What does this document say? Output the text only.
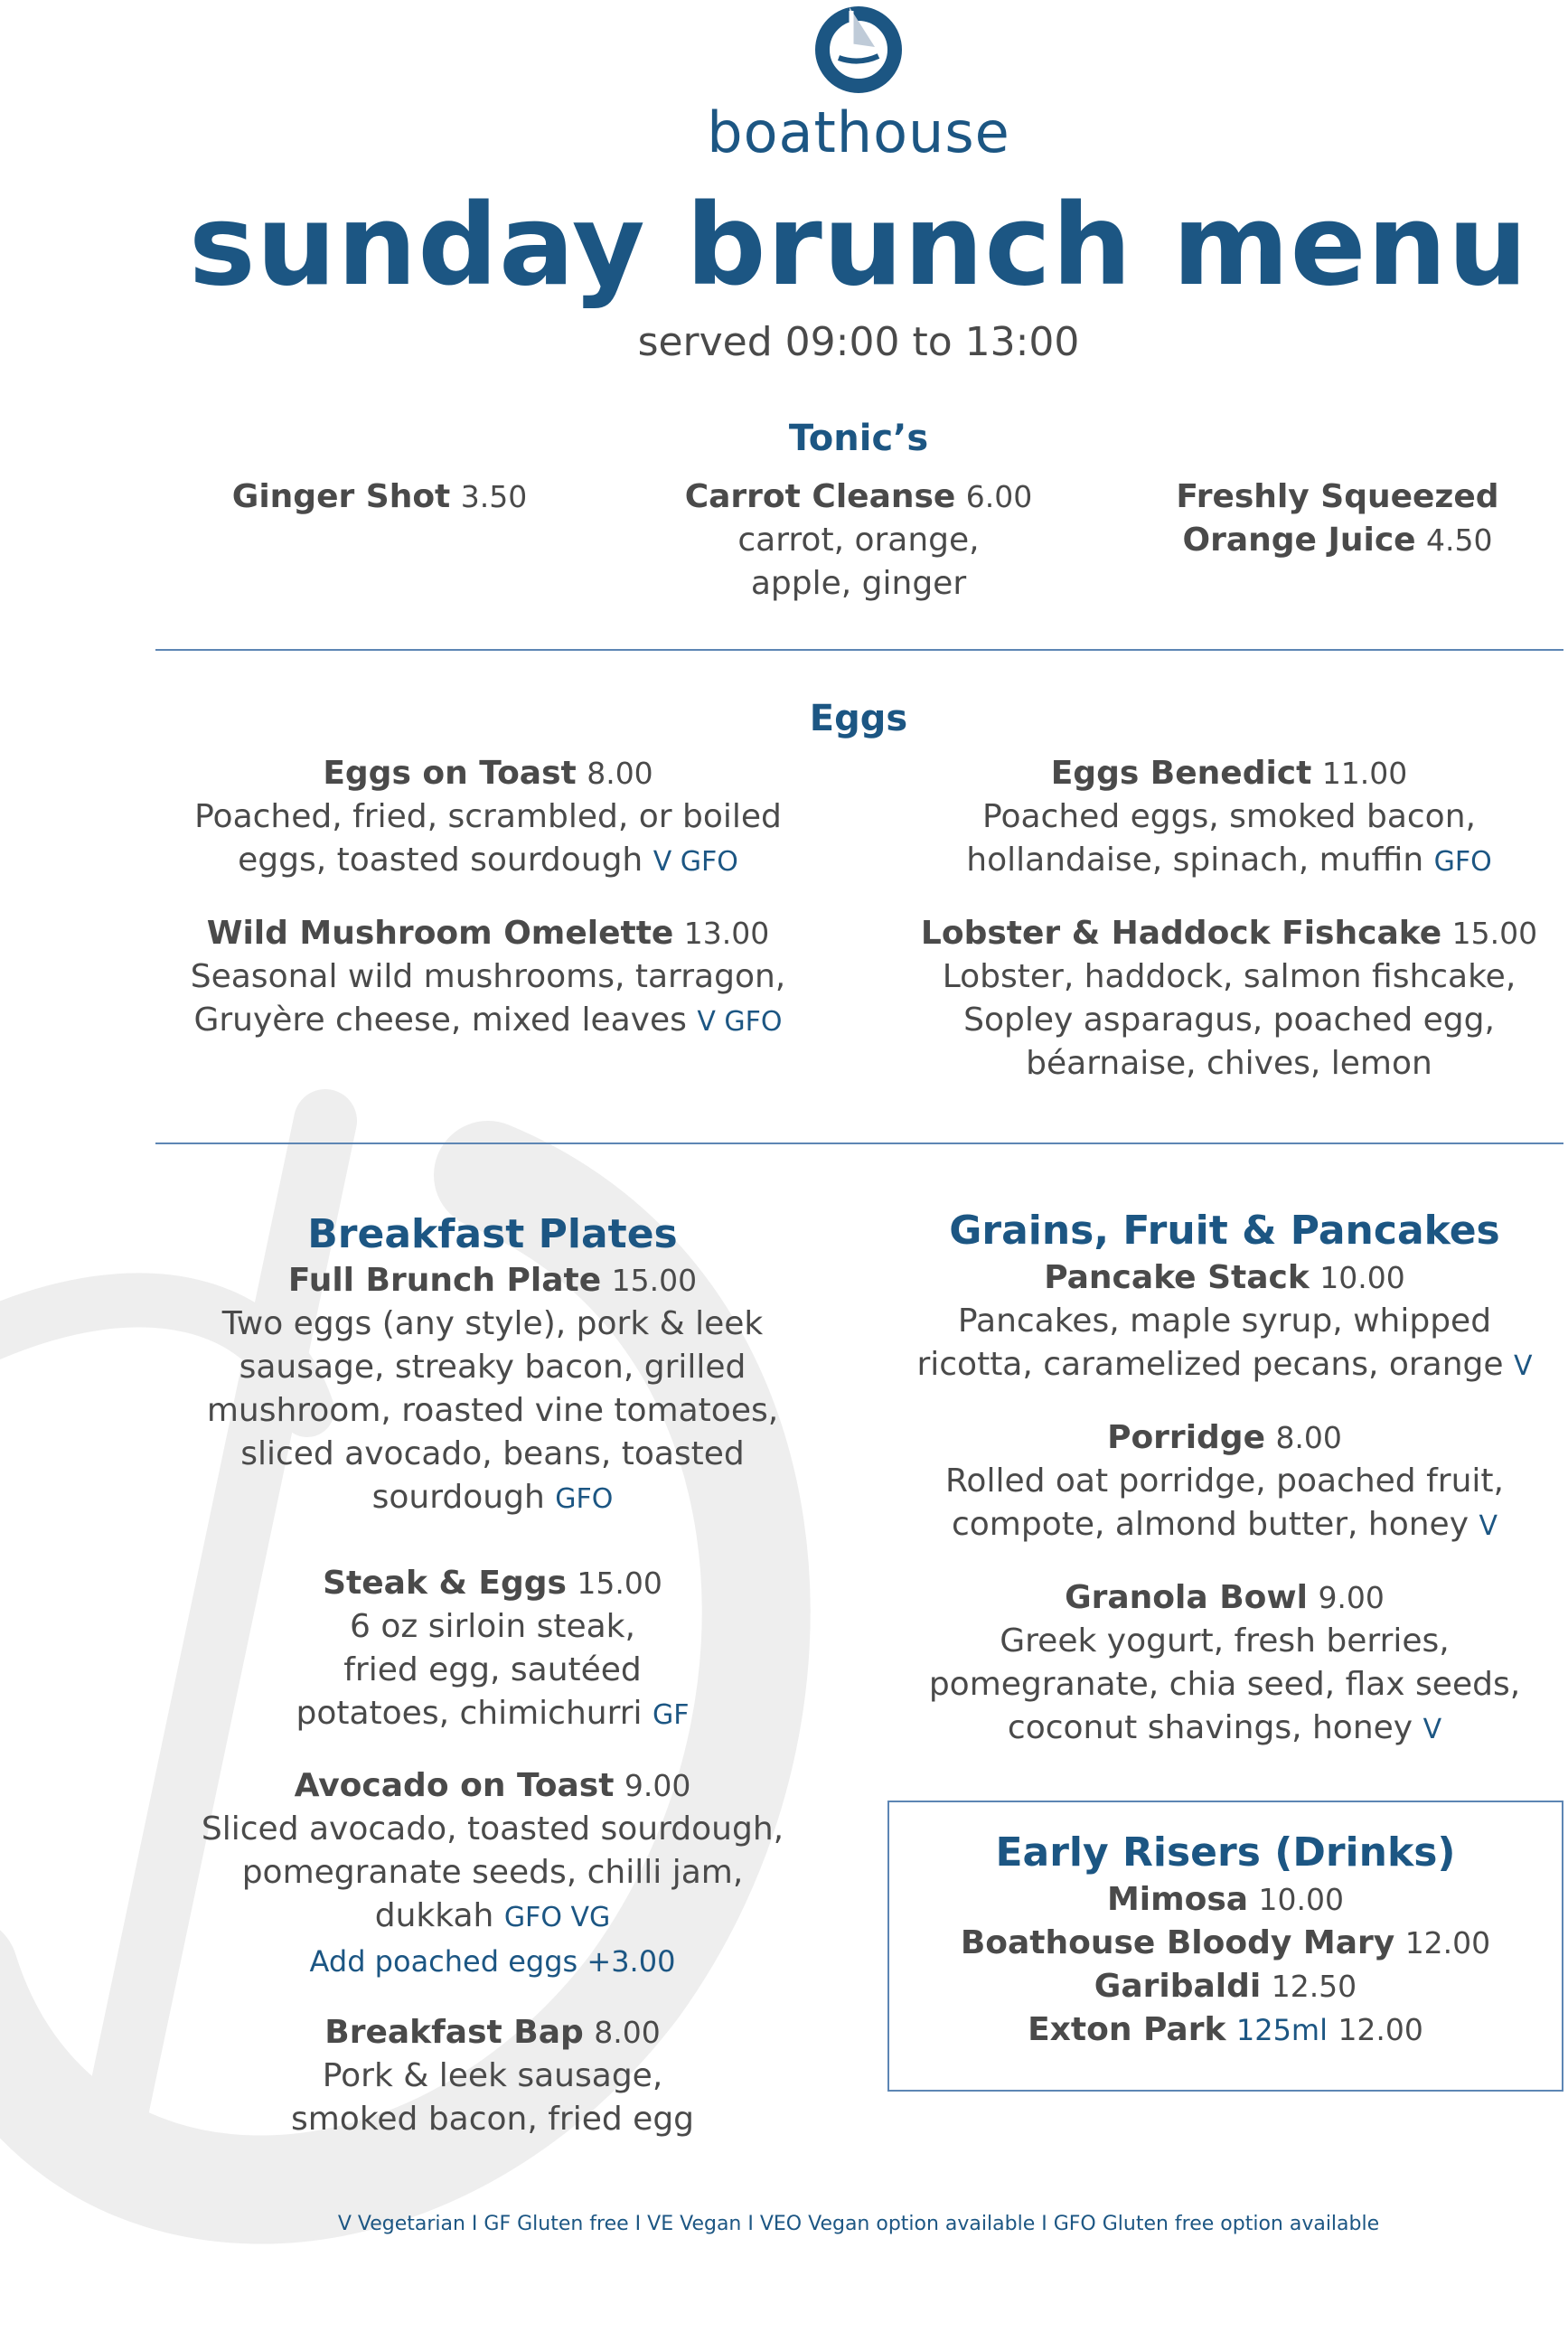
boathouse
sunday brunch menu
served 09:00 to 13:00
Tonic’s
Ginger Shot 3.50	Carrot Cleanse 6.00
carrot, orange,
apple, ginger
Freshly Squeezed
Orange Juice 4.50
Eggs
Eggs on Toast 8.00
Poached, fried, scrambled, or boiled
eggs, toasted sourdough V GFO
Eggs Benedict 11.00
Poached eggs, smoked bacon,
hollandaise, spinach, muffin GFO
Wild Mushroom Omelette 13.00
Seasonal wild mushrooms, tarragon,
Gruyère cheese, mixed leaves V GFO
Lobster & Haddock Fishcake 15.00
Lobster, haddock, salmon fishcake,
Sopley asparagus, poached egg,
béarnaise, chives, lemon
Breakfast Plates
Full Brunch Plate 15.00
Two eggs (any style), pork & leek
sausage, streaky bacon, grilled
mushroom, roasted vine tomatoes,
sliced avocado, beans, toasted
sourdough GFO
Steak & Eggs 15.00
6 oz sirloin steak,
fried egg, sautéed
potatoes, chimichurri GF
Avocado on Toast 9.00
Sliced avocado, toasted sourdough,
pomegranate seeds, chilli jam,
dukkah GFO VG
Add poached eggs +3.00
Breakfast Bap 8.00
Pork & leek sausage,
smoked bacon, fried egg
Grains, Fruit & Pancakes
Pancake Stack 10.00
Pancakes, maple syrup, whipped
ricotta, caramelized pecans, orange V
Porridge 8.00
Rolled oat porridge, poached fruit,
compote, almond butter, honey V
Granola Bowl 9.00
Greek yogurt, fresh berries,
pomegranate, chia seed, flax seeds,
coconut shavings, honey V
Early Risers (Drinks)
Mimosa 10.00
Boathouse Bloody Mary 12.00
Garibaldi 12.50
Exton Park 125ml 12.00
V Vegetarian I GF Gluten free I VE Vegan I VEO Vegan option available I GFO Gluten free option available
